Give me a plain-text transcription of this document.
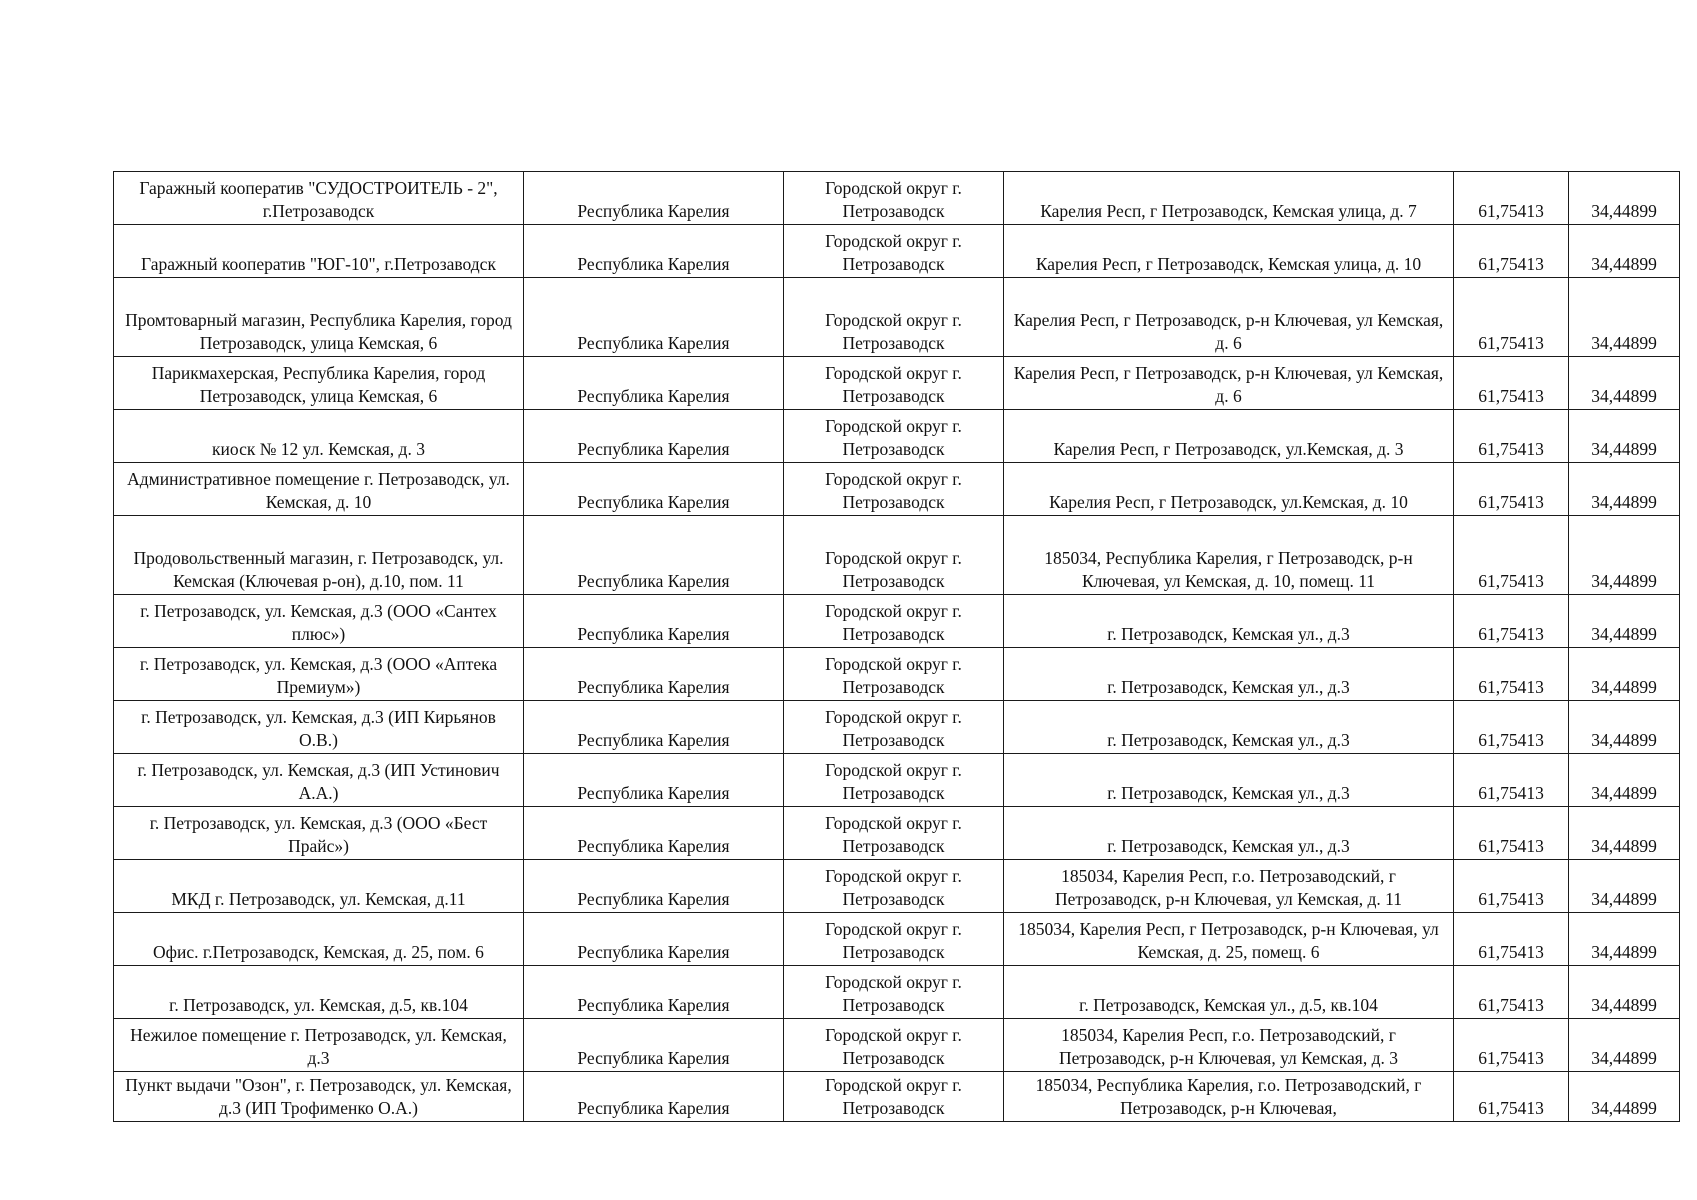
Гаражный кооператив "СУДОСТРОИТЕЛЬ - 2", г.Петрозаводск	Республика Карелия	Городской округ г. Петрозаводск	Карелия Респ, г Петрозаводск, Кемская улица, д. 7	61,75413	34,44899
Гаражный кооператив "ЮГ-10", г.Петрозаводск	Республика Карелия	Городской округ г. Петрозаводск	Карелия Респ, г Петрозаводск, Кемская улица, д. 10	61,75413	34,44899
Промтоварный магазин, Республика Карелия, город Петрозаводск, улица Кемская, 6	Республика Карелия	Городской округ г. Петрозаводск	Карелия Респ, г Петрозаводск, р-н Ключевая, ул Кемская, д. 6	61,75413	34,44899
Парикмахерская, Республика Карелия, город Петрозаводск, улица Кемская, 6	Республика Карелия	Городской округ г. Петрозаводск	Карелия Респ, г Петрозаводск, р-н Ключевая, ул Кемская, д. 6	61,75413	34,44899
киоск № 12 ул. Кемская, д. 3	Республика Карелия	Городской округ г. Петрозаводск	Карелия Респ, г Петрозаводск, ул.Кемская, д. 3	61,75413	34,44899
Административное помещение г. Петрозаводск, ул. Кемская, д. 10	Республика Карелия	Городской округ г. Петрозаводск	Карелия Респ, г Петрозаводск, ул.Кемская, д. 10	61,75413	34,44899
Продовольственный магазин, г. Петрозаводск, ул. Кемская (Ключевая р-он), д.10, пом. 11	Республика Карелия	Городской округ г. Петрозаводск	185034, Республика Карелия, г Петрозаводск, р-н Ключевая, ул Кемская, д. 10, помещ. 11	61,75413	34,44899
г. Петрозаводск, ул. Кемская, д.3 (ООО «Сантех плюс»)	Республика Карелия	Городской округ г. Петрозаводск	г. Петрозаводск, Кемская ул., д.3	61,75413	34,44899
г. Петрозаводск, ул. Кемская, д.3 (ООО «Аптека Премиум»)	Республика Карелия	Городской округ г. Петрозаводск	г. Петрозаводск, Кемская ул., д.3	61,75413	34,44899
г. Петрозаводск, ул. Кемская, д.3 (ИП Кирьянов О.В.)	Республика Карелия	Городской округ г. Петрозаводск	г. Петрозаводск, Кемская ул., д.3	61,75413	34,44899
г. Петрозаводск, ул. Кемская, д.3 (ИП Устинович А.А.)	Республика Карелия	Городской округ г. Петрозаводск	г. Петрозаводск, Кемская ул., д.3	61,75413	34,44899
г. Петрозаводск, ул. Кемская, д.3 (ООО «Бест Прайс»)	Республика Карелия	Городской округ г. Петрозаводск	г. Петрозаводск, Кемская ул., д.3	61,75413	34,44899
МКД г. Петрозаводск, ул. Кемская, д.11	Республика Карелия	Городской округ г. Петрозаводск	185034, Карелия Респ, г.о. Петрозаводский, г Петрозаводск, р-н Ключевая, ул Кемская, д. 11	61,75413	34,44899
Офис. г.Петрозаводск, Кемская, д. 25, пом. 6	Республика Карелия	Городской округ г. Петрозаводск	185034, Карелия Респ, г Петрозаводск, р-н Ключевая, ул Кемская, д. 25, помещ. 6	61,75413	34,44899
г. Петрозаводск, ул. Кемская, д.5, кв.104	Республика Карелия	Городской округ г. Петрозаводск	г. Петрозаводск, Кемская ул., д.5, кв.104	61,75413	34,44899
Нежилое помещение г. Петрозаводск, ул. Кемская, д.3	Республика Карелия	Городской округ г. Петрозаводск	185034, Карелия Респ, г.о. Петрозаводский, г Петрозаводск, р-н Ключевая, ул Кемская, д. 3	61,75413	34,44899
Пункт выдачи "Озон", г. Петрозаводск, ул. Кемская, д.3 (ИП Трофименко О.А.)	Республика Карелия	Городской округ г. Петрозаводск	185034, Республика Карелия, г.о. Петрозаводский, г Петрозаводск, р-н Ключевая,	61,75413	34,44899
